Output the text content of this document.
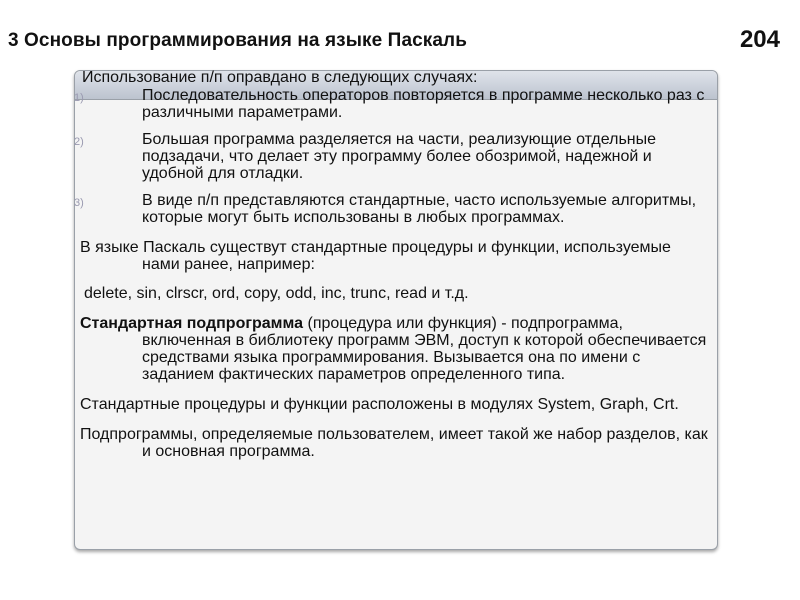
3 Основы программирования на языке Паскаль	204
Использование п/п оправдано в следующих случаях:
1)	Последовательность операторов повторяется в программе несколько раз с различными параметрами.
2)	Большая программа разделяется на части, реализующие отдельные подзадачи, что делает эту программу более обозримой, надежной и удобной для отладки.
3)	В виде п/п представляются стандартные, часто используемые алгоритмы, которые могут быть использованы в любых программах.
В языке Паскаль существут стандартные процедуры и функции, используемые нами ранее, например:
delete, sin, clrscr, ord, copy, odd, inc, trunc, read и т.д.
Стандартная подпрограмма (процедура или функция) - подпрограмма, включенная в библиотеку программ ЭВМ, доступ к которой обеспечивается средствами языка программирования. Вызывается она по имени с заданием фактических параметров определенного типа.
Стандартные процедуры и функции расположены в модулях System, Graph, Crt.
Подпрограммы, определяемые пользователем, имеет такой же набор разделов, как и основная программа.
